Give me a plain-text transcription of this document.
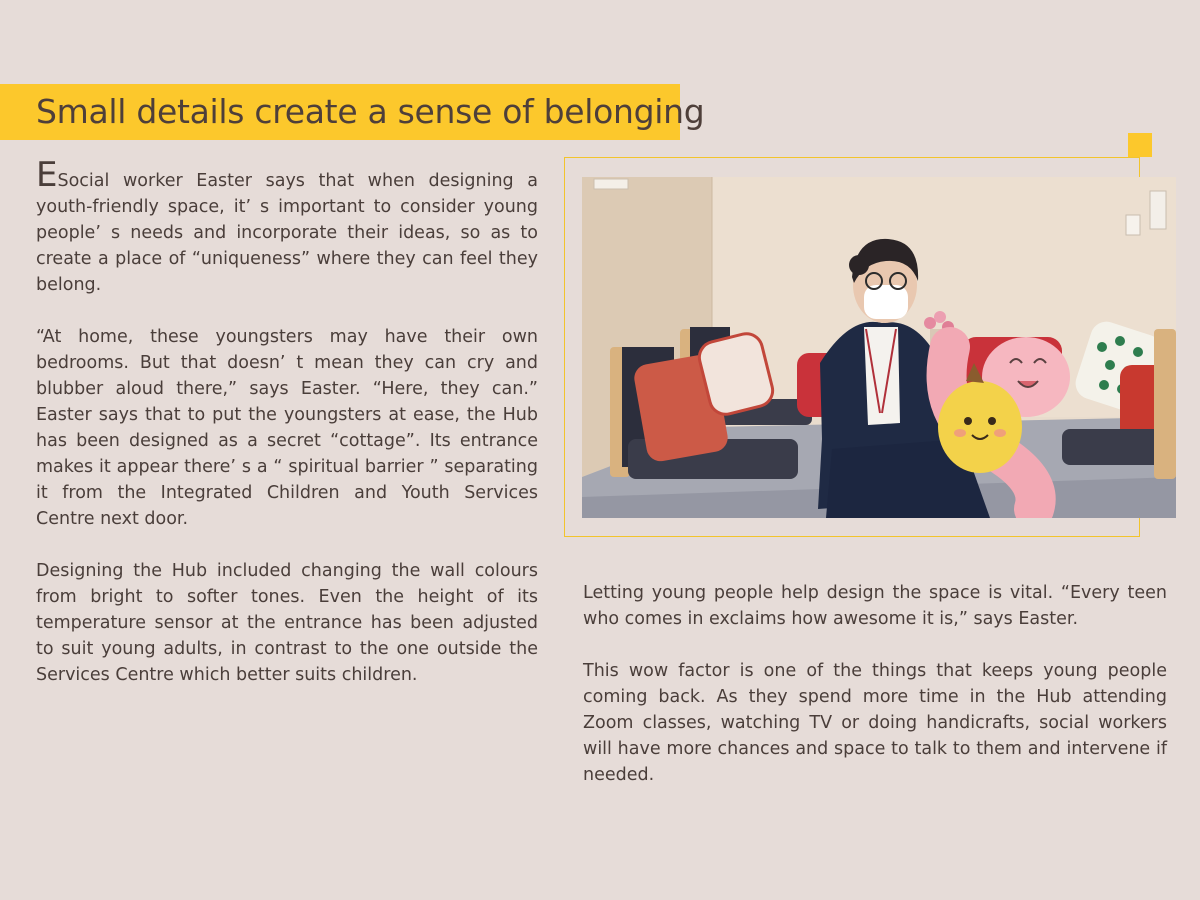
Small details create a sense of belonging

ESocial worker Easter says that when designing a youth-friendly space, it’ s important to consider young people’ s needs and incorporate their ideas, so as to create a place of “uniqueness” where they can feel they belong.

“At home, these youngsters may have their own bedrooms. But that doesn’ t mean they can cry and blubber aloud there,” says Easter. “Here, they can.” Easter says that to put the youngsters at ease, the Hub has been designed as a secret “cottage”. Its entrance makes it appear there’ s a “ spiritual barrier ” separating it from the Integrated Children and Youth Services Centre next door.

Designing the Hub included changing the wall colours from bright to softer tones. Even the height of its temperature sensor at the entrance has been adjusted to suit young adults, in contrast to the one outside the Services Centre which better suits children.

Letting young people help design the space is vital. “Every teen who comes in exclaims how awesome it is,” says Easter.

This wow factor is one of the things that keeps young people coming back. As they spend more time in the Hub attending Zoom classes, watching TV or doing handicrafts, social workers will have more chances and space to talk to them and intervene if needed.
